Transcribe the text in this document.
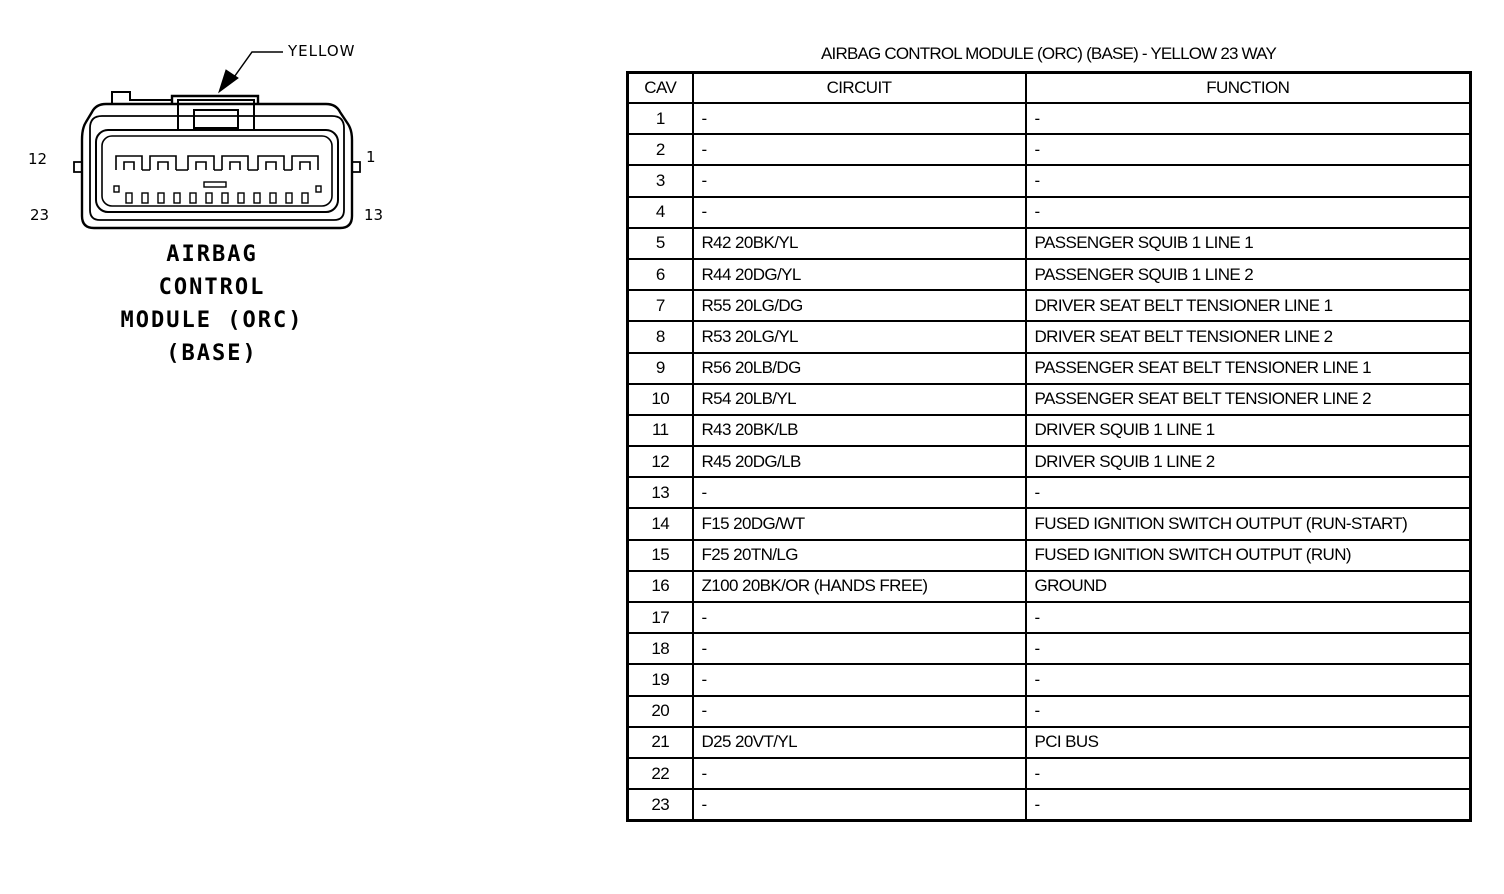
YELLOW
12	1
23	13
AIRBAG
CONTROL
MODULE (ORC)
(BASE)
AIRBAG CONTROL MODULE (ORC) (BASE) - YELLOW 23 WAY
CAV	CIRCUIT	FUNCTION
1	-	-
2	-	-
3	-	-
4	-	-
5	R42 20BK/YL	PASSENGER SQUIB 1 LINE 1
6	R44 20DG/YL	PASSENGER SQUIB 1 LINE 2
7	R55 20LG/DG	DRIVER SEAT BELT TENSIONER LINE 1
8	R53 20LG/YL	DRIVER SEAT BELT TENSIONER LINE 2
9	R56 20LB/DG	PASSENGER SEAT BELT TENSIONER LINE 1
10	R54 20LB/YL	PASSENGER SEAT BELT TENSIONER LINE 2
11	R43 20BK/LB	DRIVER SQUIB 1 LINE 1
12	R45 20DG/LB	DRIVER SQUIB 1 LINE 2
13	-	-
14	F15 20DG/WT	FUSED IGNITION SWITCH OUTPUT (RUN-START)
15	F25 20TN/LG	FUSED IGNITION SWITCH OUTPUT (RUN)
16	Z100 20BK/OR (HANDS FREE)	GROUND
17	-	-
18	-	-
19	-	-
20	-	-
21	D25 20VT/YL	PCI BUS
22	-	-
23	-	-
